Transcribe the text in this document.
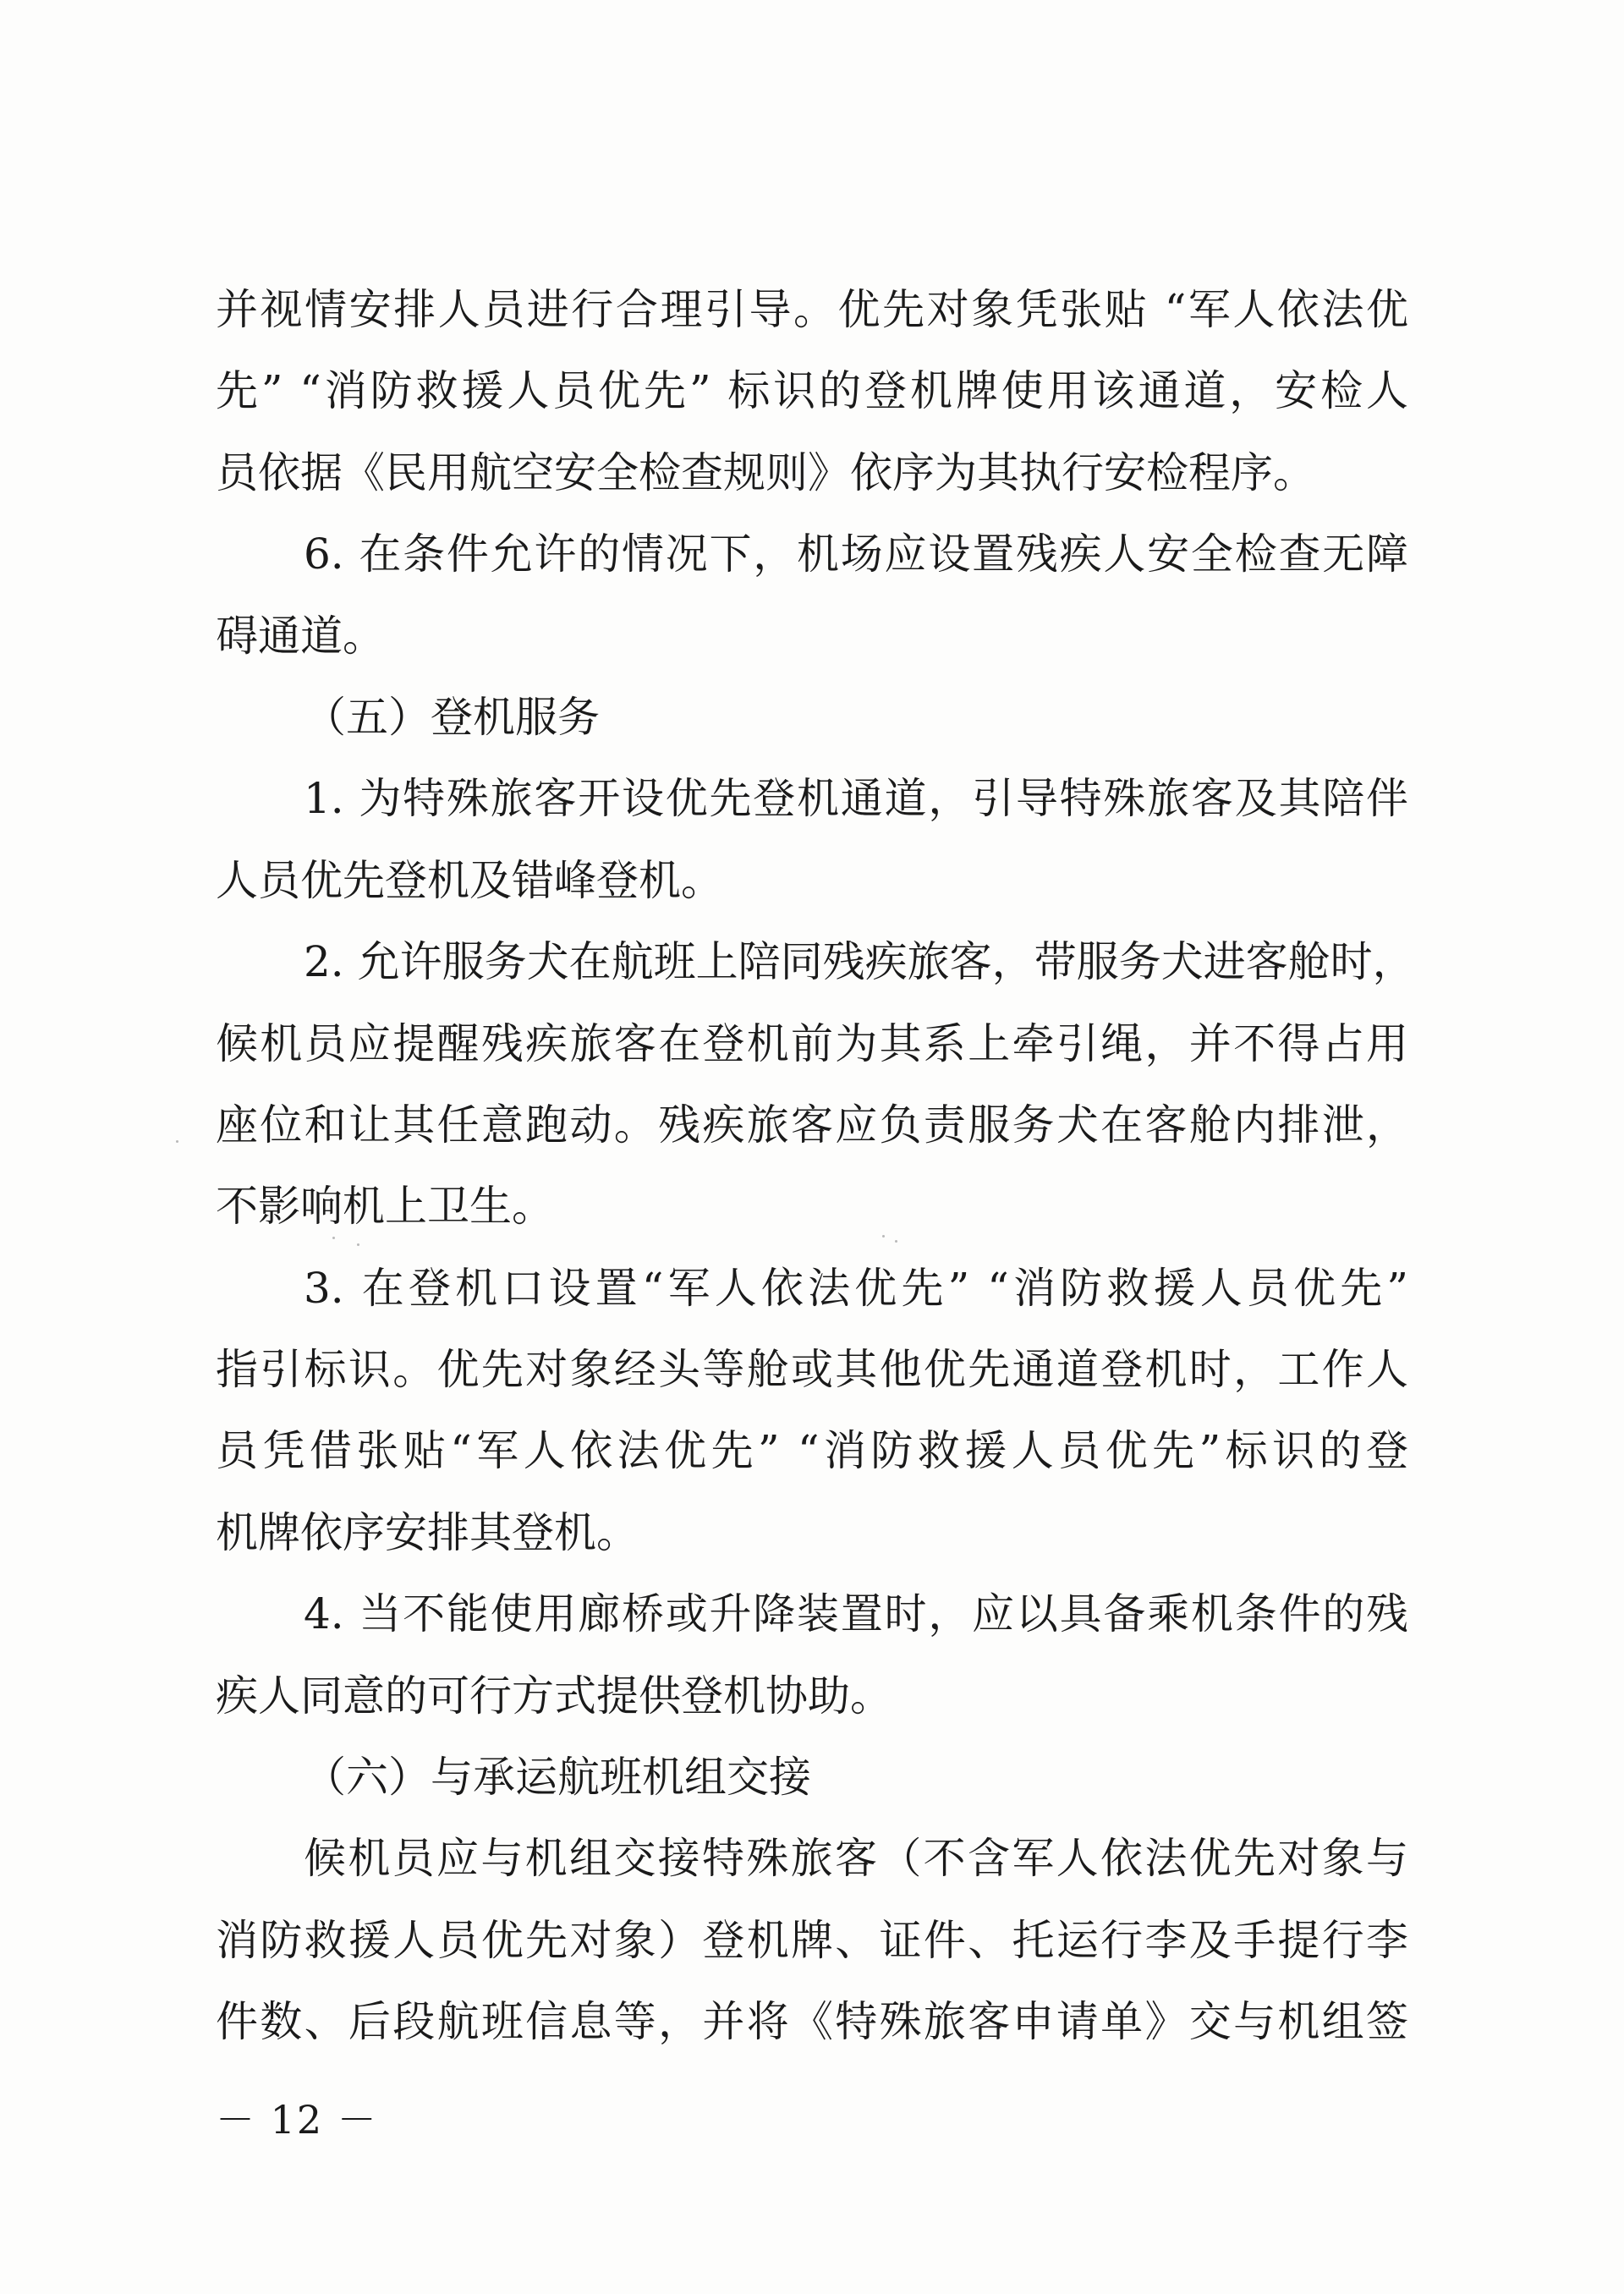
并视情安排人员进行合理引导。优先对象凭张贴 “军人依法优
先” “消防救援人员优先” 标识的登机牌使用该通道，安检人
员依据《民用航空安全检查规则》依序为其执行安检程序。
6. 在条件允许的情况下，机场应设置残疾人安全检查无障
碍通道。
（五）登机服务
1. 为特殊旅客开设优先登机通道，引导特殊旅客及其陪伴
人员优先登机及错峰登机。
2. 允许服务犬在航班上陪同残疾旅客，带服务犬进客舱时，
候机员应提醒残疾旅客在登机前为其系上牵引绳，并不得占用
座位和让其任意跑动。残疾旅客应负责服务犬在客舱内排泄，
不影响机上卫生。
3. 在登机口设置“军人依法优先” “消防救援人员优先”
指引标识。优先对象经头等舱或其他优先通道登机时，工作人
员凭借张贴“军人依法优先” “消防救援人员优先”标识的登
机牌依序安排其登机。
4. 当不能使用廊桥或升降装置时，应以具备乘机条件的残
疾人同意的可行方式提供登机协助。
（六）与承运航班机组交接
候机员应与机组交接特殊旅客（不含军人依法优先对象与
消防救援人员优先对象）登机牌、证件、托运行李及手提行李
件数、后段航班信息等，并将《特殊旅客申请单》交与机组签
－ 12 －
